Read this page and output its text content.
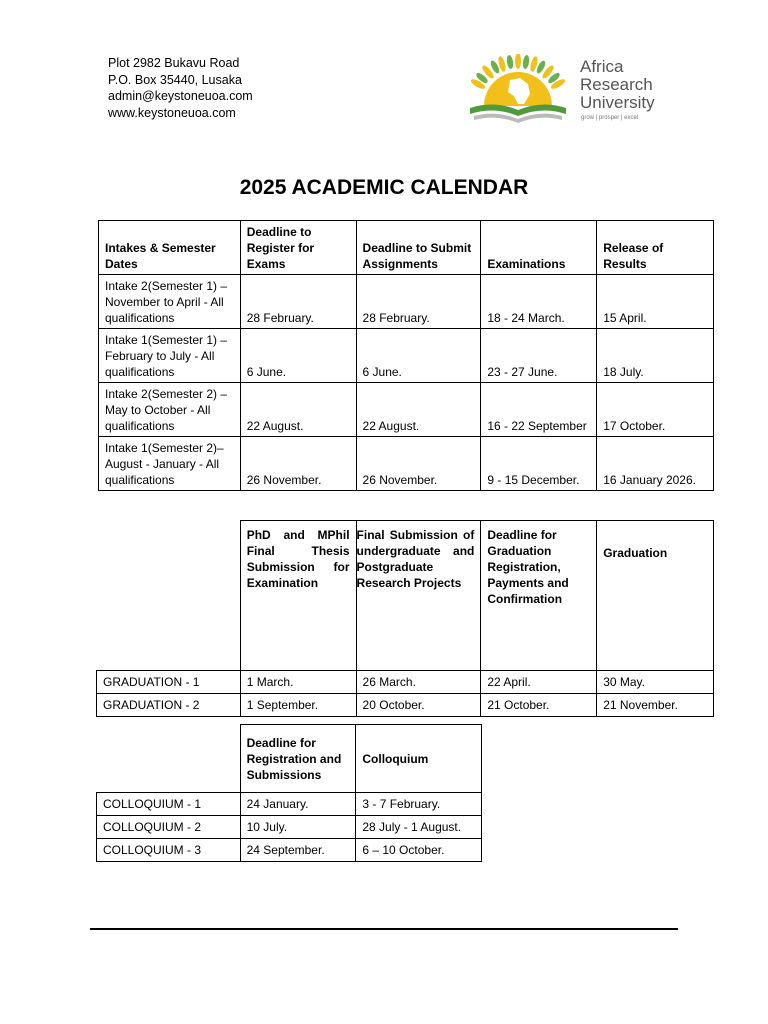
Plot 2982 Bukavu Road
P.O. Box 35440, Lusaka
admin@keystoneuoa.com
www.keystoneuoa.com
Africa
Research
University
grow | prosper | excel
2025 ACADEMIC CALENDAR
Intakes & Semester Dates	Deadline to Register for Exams	Deadline to Submit Assignments	Examinations	Release of Results
Intake 2(Semester 1) – November to April - All qualifications	28 February.	28 February.	18 - 24 March.	15 April.
Intake 1(Semester 1) – February to July - All qualifications	6 June.	6 June.	23 - 27 June.	18 July.
Intake 2(Semester 2) – May to October - All qualifications	22 August.	22 August.	16 - 22 September	17 October.
Intake 1(Semester 2)– August - January - All qualifications	26 November.	26 November.	9 - 15 December.	16 January 2026.
	PhD and MPhil Final Thesis Submission for Examination	Final Submission of undergraduate and Postgraduate Research Projects	Deadline for Graduation Registration, Payments and Confirmation	Graduation
GRADUATION - 1	1 March.	26 March.	22 April.	30 May.
GRADUATION - 2	1 September.	20 October.	21 October.	21 November.
	Deadline for Registration and Submissions	Colloquium
COLLOQUIUM - 1	24 January.	3 - 7 February.
COLLOQUIUM - 2	10 July.	28 July - 1 August.
COLLOQUIUM - 3	24 September.	6 – 10 October.
